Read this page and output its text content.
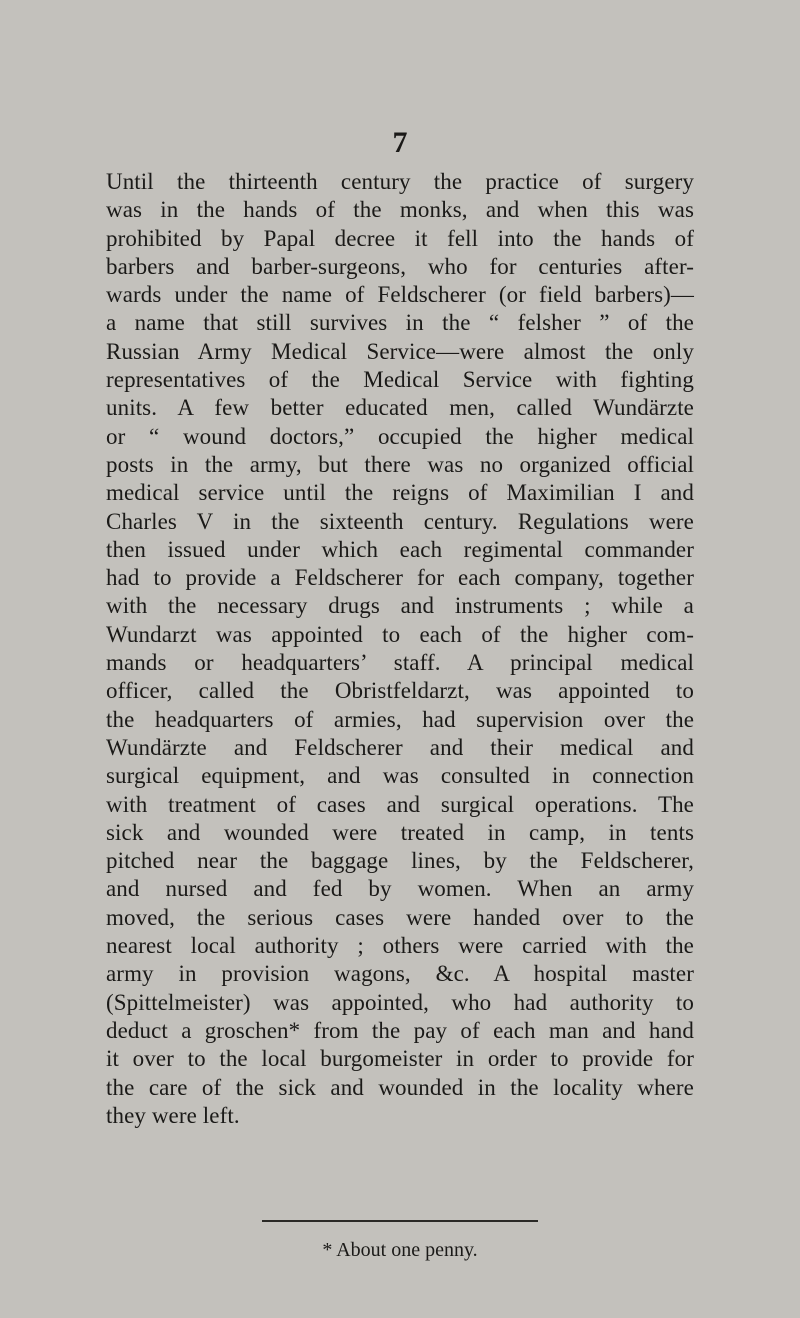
7

Until the thirteenth century the practice of surgery
was in the hands of the monks, and when this was
prohibited by Papal decree it fell into the hands of
barbers and barber-surgeons, who for centuries after-
wards under the name of Feldscherer (or field barbers)—
a name that still survives in the “ felsher ” of the
Russian Army Medical Service—were almost the only
representatives of the Medical Service with fighting
units. A few better educated men, called Wundärzte
or “ wound doctors,” occupied the higher medical
posts in the army, but there was no organized official
medical service until the reigns of Maximilian I and
Charles V in the sixteenth century. Regulations were
then issued under which each regimental commander
had to provide a Feldscherer for each company, together
with the necessary drugs and instruments ; while a
Wundarzt was appointed to each of the higher com-
mands or headquarters’ staff. A principal medical
officer, called the Obristfeldarzt, was appointed to
the headquarters of armies, had supervision over the
Wundärzte and Feldscherer and their medical and
surgical equipment, and was consulted in connection
with treatment of cases and surgical operations. The
sick and wounded were treated in camp, in tents
pitched near the baggage lines, by the Feldscherer,
and nursed and fed by women. When an army
moved, the serious cases were handed over to the
nearest local authority ; others were carried with the
army in provision wagons, &c. A hospital master
(Spittelmeister) was appointed, who had authority to
deduct a groschen* from the pay of each man and hand
it over to the local burgomeister in order to provide for
the care of the sick and wounded in the locality where
they were left.

* About one penny.
